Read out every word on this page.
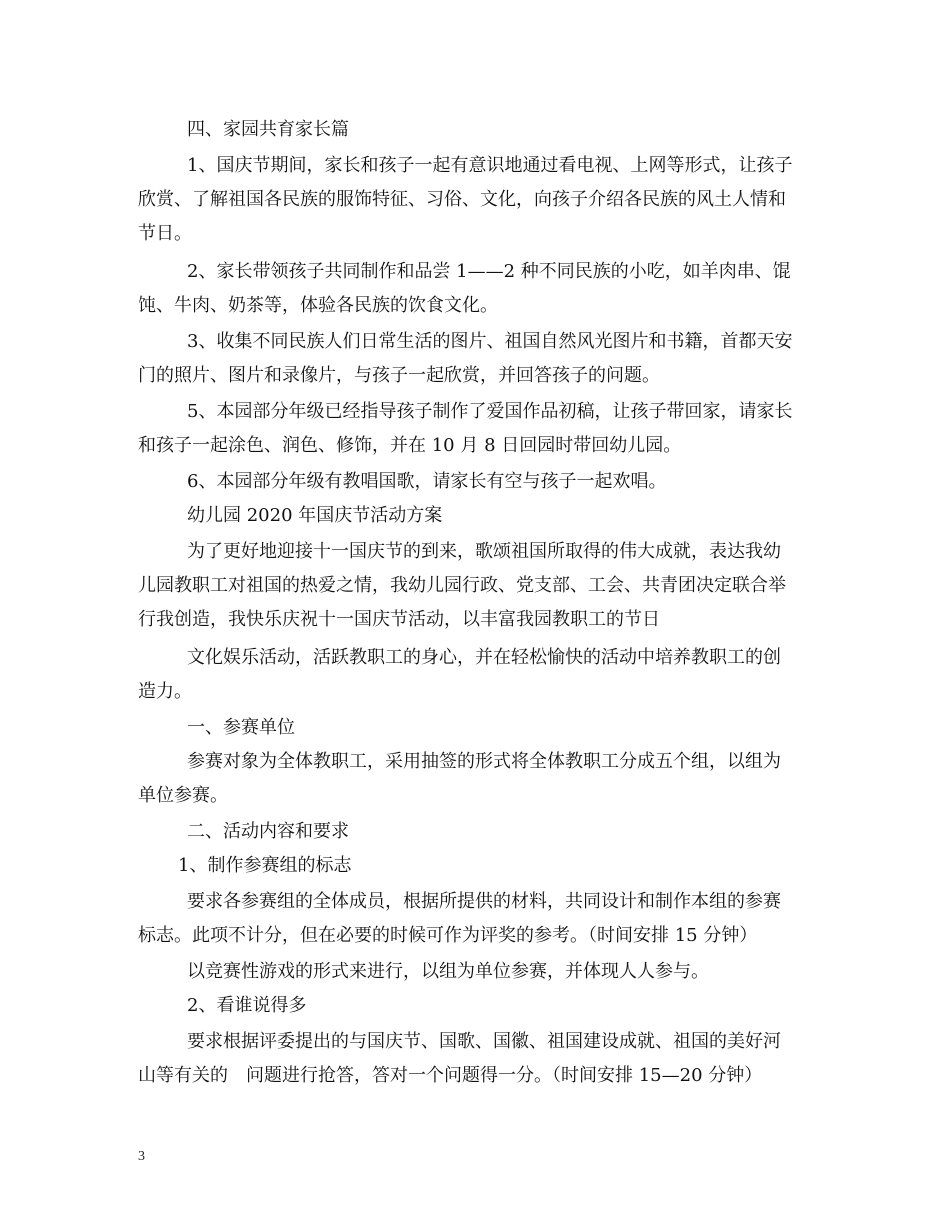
四、家园共育家长篇
1、国庆节期间，家长和孩子一起有意识地通过看电视、上网等形式，让孩子
欣赏、了解祖国各民族的服饰特征、习俗、文化，向孩子介绍各民族的风土人情和
节日。
2、家长带领孩子共同制作和品尝 1——2 种不同民族的小吃，如羊肉串、馄
饨、牛肉、奶茶等，体验各民族的饮食文化。
3、收集不同民族人们日常生活的图片、祖国自然风光图片和书籍，首都天安
门的照片、图片和录像片，与孩子一起欣赏，并回答孩子的问题。
5、本园部分年级已经指导孩子制作了爱国作品初稿，让孩子带回家，请家长
和孩子一起涂色、润色、修饰，并在 10 月 8 日回园时带回幼儿园。
6、本园部分年级有教唱国歌，请家长有空与孩子一起欢唱。
幼儿园 2020 年国庆节活动方案
为了更好地迎接十一国庆节的到来，歌颂祖国所取得的伟大成就，表达我幼
儿园教职工对祖国的热爱之情，我幼儿园行政、党支部、工会、共青团决定联合举
行我创造，我快乐庆祝十一国庆节活动，以丰富我园教职工的节日
文化娱乐活动，活跃教职工的身心，并在轻松愉快的活动中培养教职工的创
造力。
一、参赛单位
参赛对象为全体教职工，采用抽签的形式将全体教职工分成五个组，以组为
单位参赛。
二、活动内容和要求
1、制作参赛组的标志
要求各参赛组的全体成员，根据所提供的材料，共同设计和制作本组的参赛
标志。此项不计分，但在必要的时候可作为评奖的参考。（时间安排 15 分钟）
以竞赛性游戏的形式来进行，以组为单位参赛，并体现人人参与。
2、看谁说得多
要求根据评委提出的与国庆节、国歌、国徽、祖国建设成就、祖国的美好河
山等有关的　问题进行抢答，答对一个问题得一分。（时间安排 15—20 分钟）
3
